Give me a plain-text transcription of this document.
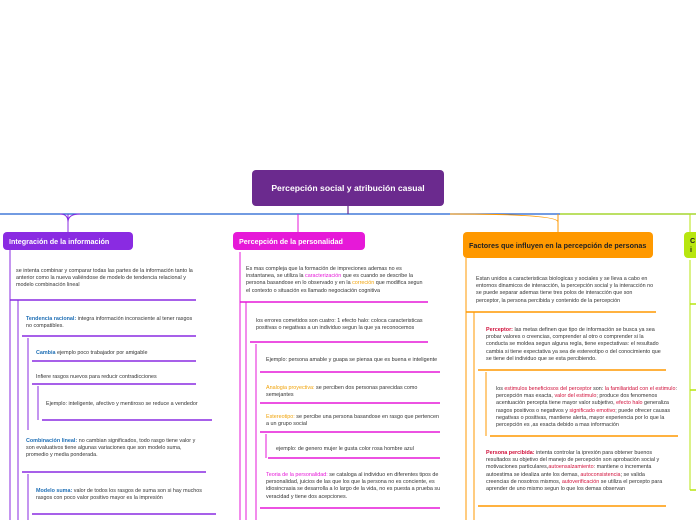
Percepción social y atribución casual
Integración de la información	Percepción de la personalidad	Factores que influyen en la percepción de personas	C
i
se intenta combinar y comparar todas las partes de la información tanto la anterior como la nueva valiéndose de modelo de tendencia relacional y modelo combinación lineal
Tendencia racional: integra información inconsciente al tener rasgos no compatibles.
Cambia ejemplo poco trabajador por amigable
Infiere rasgos nuevos para reducir contradicciones
Ejemplo: inteligente, afectivo y mentiroso se reduce a vendedor
Combinación lineal: no cambian significados, todo rasgo tiene valor y son evaluativos tiene algunas variaciones que son modelo suma, promedio y media ponderada.
Modelo suma: valor de todos los rasgos de suma son si hay muchos rasgos con poco valor positivo mayor es la impresión
Es mas compleja que la formación de impreciones ademas no es instantanea, se utiliza la caracterización que es cuando se describe la persona basandose en lo observado y en la correción que modifica segun el contexto o situación es llamado negociación cognitiva
los errores cometidos son cuatro: 1 efecto halo: coloca caracteristicas positivas o negativas a un individuo segun la que ya reconocemos
Ejemplo: persona amable y guapa se piensa que es buena e inteligente
Analogia proyectiva: se perciben dos personas parecidas como semejantes
Estereotipo: se percibe una persona basandose en rasgo que pertencen a un grupo social
ejemplo: de genero mujer le gusta color rosa hombre azul
Teoria de la personalidad: se cataloga al individuo en diferentes tipos de personalidad, juicios de las que los que la persona no es conciente, es idiosincrasia se desarrolla a lo largo de la vida, no es puesta a prueba su veracidad y tiene dos acepciones.
Estan unidos a caracteristicas biologicas y sociales y se lleva a cabo en entornos dinamicos de interacción, la percepción social y la interacción no se puede separar ademas tiene tres polos de interacción que son perceptor, la persona percibida y contenido de la percepción
Perceptor: las metas definen que tipo de información se busca ya sea probar valores o creencias, comprender al otro o comprender si la conducta se moldea segun alguna regla, tiene expectativas: el resultado cambia si tiene expectativa ya sea de estereotipo o del conocimiento que se tiene del individuo que se esta percibiendo.
los estimulos beneficiosos del perceptor son: la familiaridad con el estimulo: percepción mas exacta, valor del estimulo; produce dos fenomenos acentuación percepta tiene mayor valor subjetivo, efecto halo generaliza rasgos positivos o negativos y significado emotivo; puede ofrecer causas negativas o positivas, mantiene alerta, mayor experiencia por lo que la percepción es ,as exacta debido a mas información
Persona percibida: intenta controlar la iprexión para obtener buenos resultados su objetivo del manejo de percepción son aprobación social y motivaciones particulares,autoensalzamiento: mantiene o incrementa autoestima se idealiza ante los demas, autoconsistencia; se valida creencias de nosotros mismos, autoverificación se utiliza el percepto para aprender de uno mismo segun lo que los demas observan
